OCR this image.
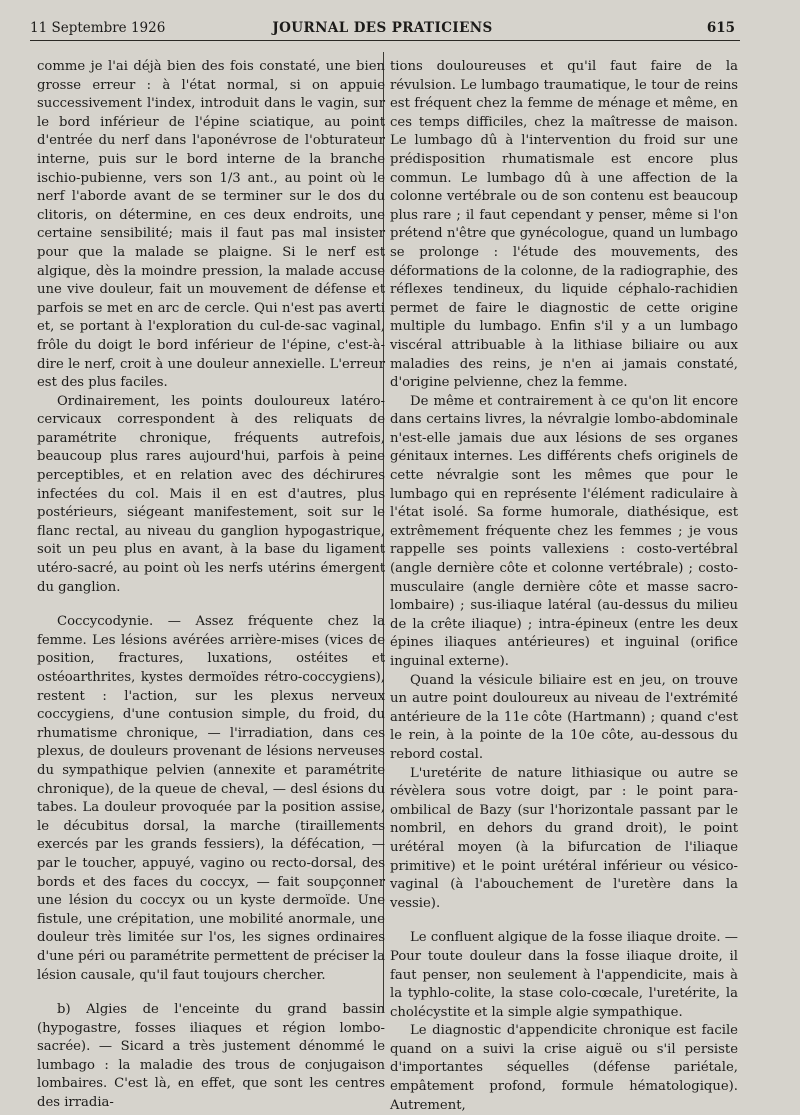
11 Septembre 1926	JOURNAL DES PRATICIENS	615

comme je l'ai déjà bien des fois constaté, une bien grosse erreur : à l'état normal, si on appuie successivement l'index, introduit dans le vagin, sur le bord inférieur de l'épine sciatique, au point d'entrée du nerf dans l'aponévrose de l'obturateur interne, puis sur le bord interne de la branche ischio-pubienne, vers son 1/3 ant., au point où le nerf l'aborde avant de se terminer sur le dos du clitoris, on détermine, en ces deux endroits, une certaine sensibilité; mais il faut pas mal insister pour que la malade se plaigne. Si le nerf est algique, dès la moindre pression, la malade accuse une vive douleur, fait un mouvement de défense et parfois se met en arc de cercle. Qui n'est pas averti et, se portant à l'exploration du cul-de-sac vaginal, frôle du doigt le bord inférieur de l'épine, c'est-à-dire le nerf, croit à une douleur annexielle. L'erreur est des plus faciles.

Ordinairement, les points douloureux latéro-cervicaux correspondent à des reliquats de paramétrite chronique, fréquents autrefois, beaucoup plus rares aujourd'hui, parfois à peine perceptibles, et en relation avec des déchirures infectées du col. Mais il en est d'autres, plus postérieurs, siégeant manifestement, soit sur le flanc rectal, au niveau du ganglion hypogastrique, soit un peu plus en avant, à la base du ligament utéro-sacré, au point où les nerfs utérins émergent du ganglion.

Coccycodynie. — Assez fréquente chez la femme. Les lésions avérées arrière-mises (vices de position, fractures, luxations, ostéites et ostéoarthrites, kystes dermoïdes rétro-coccygiens), restent : l'action, sur les plexus nerveux coccygiens, d'une contusion simple, du froid, du rhumatisme chronique, — l'irradiation, dans ces plexus, de douleurs provenant de lésions nerveuses du sympathique pelvien (annexite et paramétrite chronique), de la queue de cheval, — desl ésions du tabes. La douleur provoquée par la position assise, le décubitus dorsal, la marche (tiraillements exercés par les grands fessiers), la défécation, — par le toucher, appuyé, vagino ou recto-dorsal, des bords et des faces du coccyx, — fait soupçonner une lésion du coccyx ou un kyste dermoïde. Une fistule, une crépitation, une mobilité anormale, une douleur très limitée sur l'os, les signes ordinaires d'une péri ou paramétrite permettent de préciser la lésion causale, qu'il faut toujours chercher.

b) Algies de l'enceinte du grand bassin (hypogastre, fosses iliaques et région lombo-sacrée). — Sicard a très justement dénommé le lumbago : la maladie des trous de conjugaison lombaires. C'est là, en effet, que sont les centres des irradia-

tions douloureuses et qu'il faut faire de la révulsion. Le lumbago traumatique, le tour de reins est fréquent chez la femme de ménage et même, en ces temps difficiles, chez la maîtresse de maison. Le lumbago dû à l'intervention du froid sur une prédisposition rhumatismale est encore plus commun. Le lumbago dû à une affection de la colonne vertébrale ou de son contenu est beaucoup plus rare ; il faut cependant y penser, même si l'on prétend n'être que gynécologue, quand un lumbago se prolonge : l'étude des mouvements, des déformations de la colonne, de la radiographie, des réflexes tendineux, du liquide céphalo-rachidien permet de faire le diagnostic de cette origine multiple du lumbago. Enfin s'il y a un lumbago viscéral attribuable à la lithiase biliaire ou aux maladies des reins, je n'en ai jamais constaté, d'origine pelvienne, chez la femme.

De même et contrairement à ce qu'on lit encore dans certains livres, la névralgie lombo-abdominale n'est-elle jamais due aux lésions de ses organes génitaux internes. Les différents chefs originels de cette névralgie sont les mêmes que pour le lumbago qui en représente l'élément radiculaire à l'état isolé. Sa forme humorale, diathésique, est extrêmement fréquente chez les femmes ; je vous rappelle ses points vallexiens : costo-vertébral (angle dernière côte et colonne vertébrale) ; costo-musculaire (angle dernière côte et masse sacro-lombaire) ; sus-iliaque latéral (au-dessus du milieu de la crête iliaque) ; intra-épineux (entre les deux épines iliaques antérieures) et inguinal (orifice inguinal externe).

Quand la vésicule biliaire est en jeu, on trouve un autre point douloureux au niveau de l'extrémité antérieure de la 11e côte (Hartmann) ; quand c'est le rein, à la pointe de la 10e côte, au-dessous du rebord costal.

L'uretérite de nature lithiasique ou autre se révèlera sous votre doigt, par : le point para-ombilical de Bazy (sur l'horizontale passant par le nombril, en dehors du grand droit), le point urétéral moyen (à la bifurcation de l'iliaque primitive) et le point urétéral inférieur ou vésico-vaginal (à l'abouchement de l'uretère dans la vessie).

Le confluent algique de la fosse iliaque droite. — Pour toute douleur dans la fosse iliaque droite, il faut penser, non seulement à l'appendicite, mais à la typhlo-colite, la stase colo-cœcale, l'uretérite, la cholécystite et la simple algie sympathique.

Le diagnostic d'appendicite chronique est facile quand on a suivi la crise aiguë ou s'il persiste d'importantes séquelles (défense pariétale, empâtement profond, formule hématologique). Autrement,
